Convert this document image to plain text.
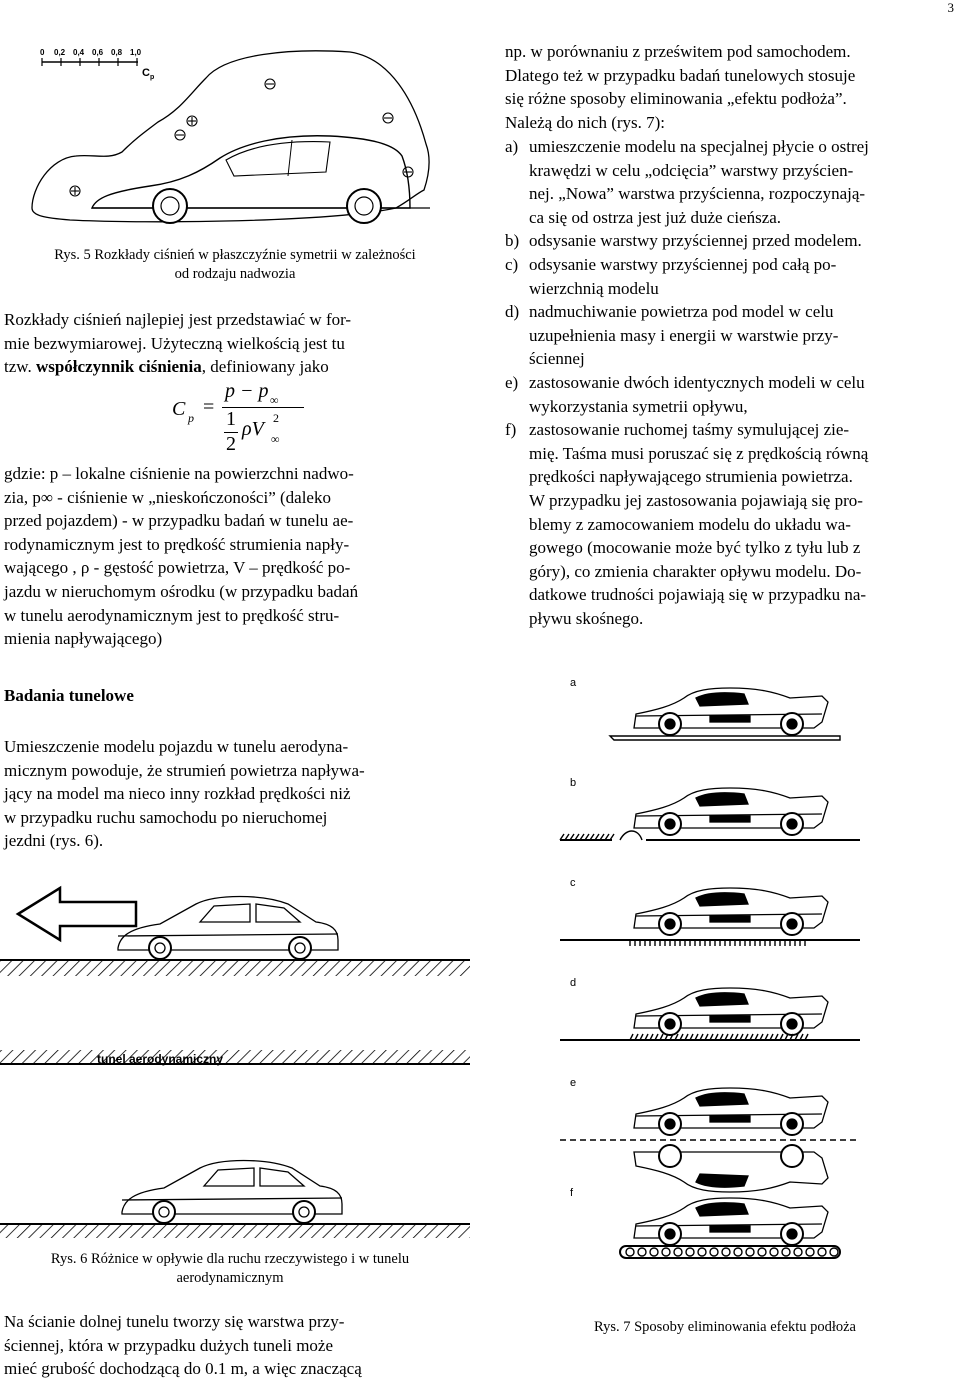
3
0 0,2 0,4 0,6 0,8 1,0
C p
Rys. 5 Rozkłady ciśnień w płaszczyźnie symetrii w zależności
od rodzaju nadwozia
Rozkłady ciśnień najlepiej jest przedstawiać w for-
mie bezwymiarowej. Użyteczną wielkością jest tu
tzw. współczynnik ciśnienia, definiowany jako
C p =
p − p ∞
1
2
ρV 2
∞
gdzie: p – lokalne ciśnienie na powierzchni nadwo-
zia, p∞ - ciśnienie w „nieskończoności” (daleko
przed pojazdem) - w przypadku badań w tunelu ae-
rodynamicznym jest to prędkość strumienia napły-
wającego , ρ - gęstość powietrza, V – prędkość po-
jazdu w nieruchomym ośrodku (w przypadku badań
w tunelu aerodynamicznym jest to prędkość stru-
mienia napływającego)
Badania tunelowe
Umieszczenie modelu pojazdu w tunelu aerodyna-
micznym powoduje, że strumień powietrza napływa-
jący na model ma nieco inny rozkład prędkości niż
w przypadku ruchu samochodu po nieruchomej
jezdni (rys. 6).
tunel aerodynamiczny
Rys. 6 Różnice w opływie dla ruchu rzeczywistego i w tunelu
aerodynamicznym
Na ścianie dolnej tunelu tworzy się warstwa przy-
ściennej, która w przypadku dużych tuneli może
mieć grubość dochodzącą do 0.1 m, a więc znaczącą
np. w porównaniu z prześwitem pod samochodem.
Dlatego też w przypadku badań tunelowych stosuje
się różne sposoby eliminowania „efektu podłoża”.
Należą do nich (rys. 7):
a) umieszczenie modelu na specjalnej płycie o ostrej
krawędzi w celu „odcięcia” warstwy przyścien-
nej. „Nowa” warstwa przyścienna, rozpoczynają-
ca się od ostrza jest już duże cieńsza.
b) odsysanie warstwy przyściennej przed modelem.
c) odsysanie warstwy przyściennej pod całą po-
wierzchnią modelu
d) nadmuchiwanie powietrza pod model w celu
uzupełnienia masy i energii w warstwie przy-
ściennej
e) zastosowanie dwóch identycznych modeli w celu
wykorzystania symetrii opływu,
f) zastosowanie ruchomej taśmy symulującej zie-
mię. Taśma musi poruszać się z prędkością równą
prędkości napływającego strumienia powietrza.
W przypadku jej zastosowania pojawiają się pro-
blemy z zamocowaniem modelu do układu wa-
gowego (mocowanie może być tylko z tyłu lub z
góry), co zmienia charakter opływu modelu. Do-
datkowe trudności pojawiają się w przypadku na-
pływu skośnego.
a
b
c
d
e
f
Rys. 7 Sposoby eliminowania efektu podłoża
